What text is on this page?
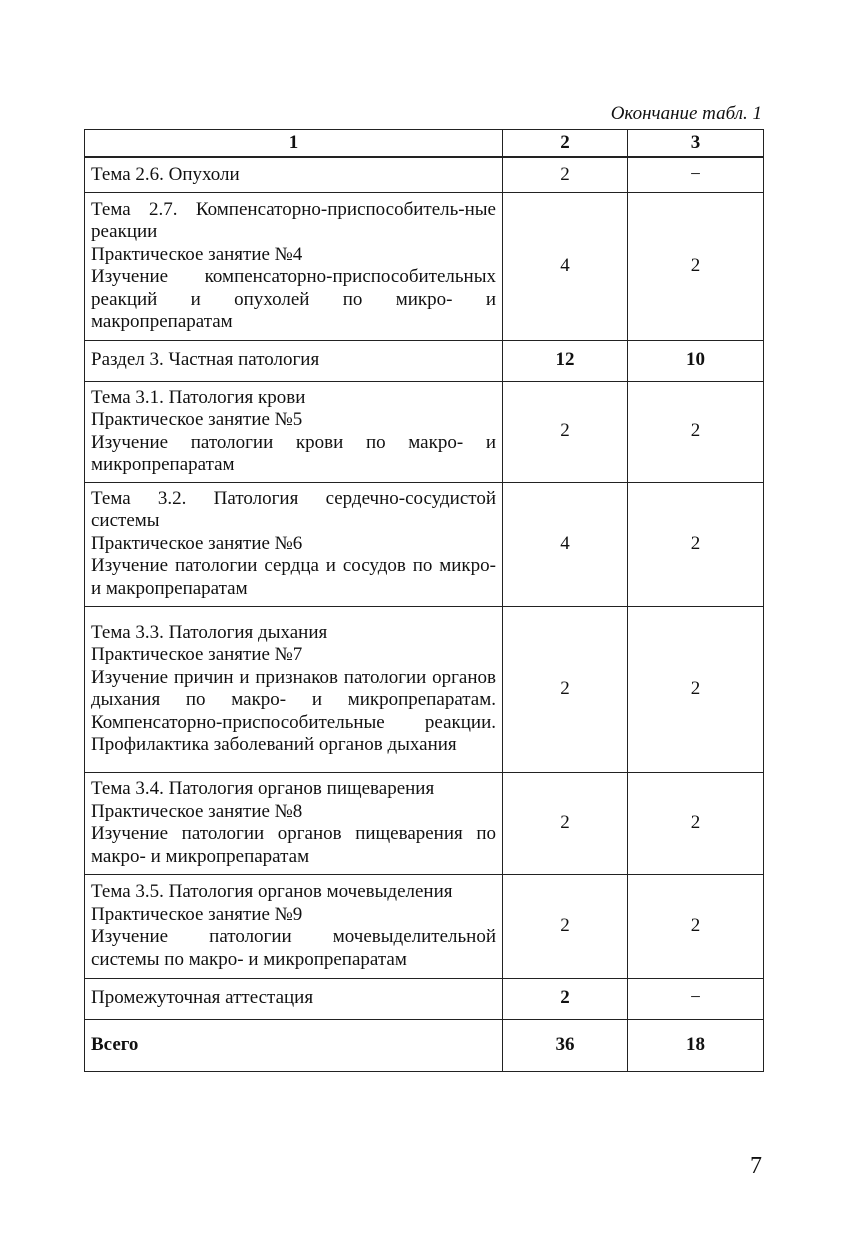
Окончание табл. 1
1	2	3

Тема 2.6. Опухоли	2	−

Тема 2.7. Компенсаторно-приспособитель-ные реакции
Практическое занятие №4
Изучение компенсаторно-приспособительных реакций и опухолей по микро- и макропрепаратам	4	2

Раздел 3. Частная патология	12	10

Тема 3.1. Патология крови
Практическое занятие №5
Изучение патологии крови по макро- и микропрепаратам	2	2

Тема 3.2. Патология сердечно-сосудистой системы
Практическое занятие №6
Изучение патологии сердца и сосудов по микро- и макропрепаратам	4	2

Тема 3.3. Патология дыхания
Практическое занятие №7
Изучение причин и признаков патологии органов дыхания по макро- и микропрепаратам. Компенсаторно-приспособительные реакции. Профилактика заболеваний органов дыхания	2	2

Тема 3.4. Патология органов пищеварения
Практическое занятие №8
Изучение патологии органов пищеварения по макро- и микропрепаратам	2	2

Тема 3.5. Патология органов мочевыделения
Практическое занятие №9
Изучение патологии мочевыделительной системы по макро- и микропрепаратам	2	2

Промежуточная аттестация	2	−

Всего	36	18
7
